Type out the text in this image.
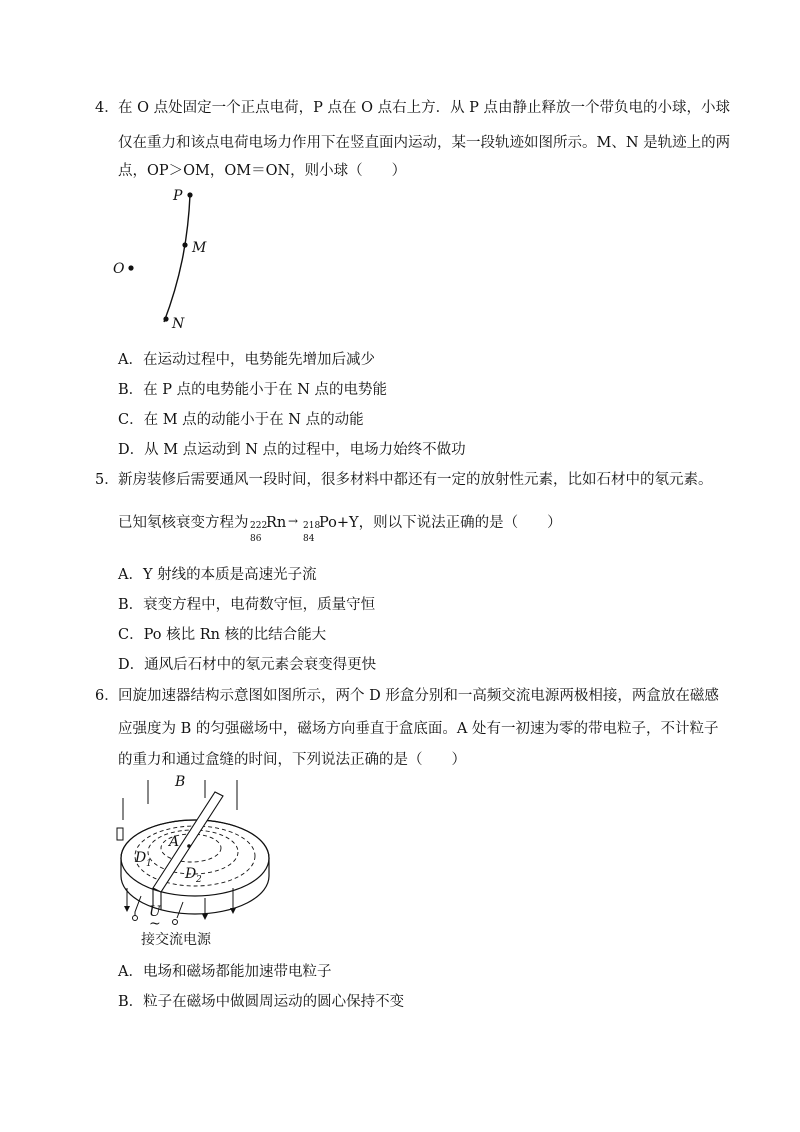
4． 在 O 点处固定一个正点电荷，P 点在 O 点右上方．从 P 点由静止释放一个带负电的小球，小球
仅在重力和该点电荷电场力作用下在竖直面内运动，某一段轨迹如图所示。M、N 是轨迹上的两
点，OP＞OM，OM＝ON，则小球（　　）
P
M
O
N
A．在运动过程中，电势能先增加后减少
B．在 P 点的电势能小于在 N 点的电势能
C．在 M 点的动能小于在 N 点的动能
D．从 M 点运动到 N 点的过程中，电场力始终不做功
5． 新房装修后需要通风一段时间，很多材料中都还有一定的放射性元素，比如石材中的氡元素。
已知氡核衰变方程为 222
86
Rn → 218
84
Po+Y，则以下说法正确的是（　　）
A．Y 射线的本质是高速光子流
B．衰变方程中，电荷数守恒，质量守恒
C．Po 核比 Rn 核的比结合能大
D．通风后石材中的氡元素会衰变得更快
6． 回旋加速器结构示意图如图所示，两个 D 形盒分别和一高频交流电源两极相接，两盒放在磁感
应强度为 B 的匀强磁场中，磁场方向垂直于盒底面。A 处有一初速为零的带电粒子，不计粒子
的重力和通过盒缝的时间，下列说法正确的是（　　）
B
A
D 1
D 2
U
~
接交流电源
A．电场和磁场都能加速带电粒子
B．粒子在磁场中做圆周运动的圆心保持不变
